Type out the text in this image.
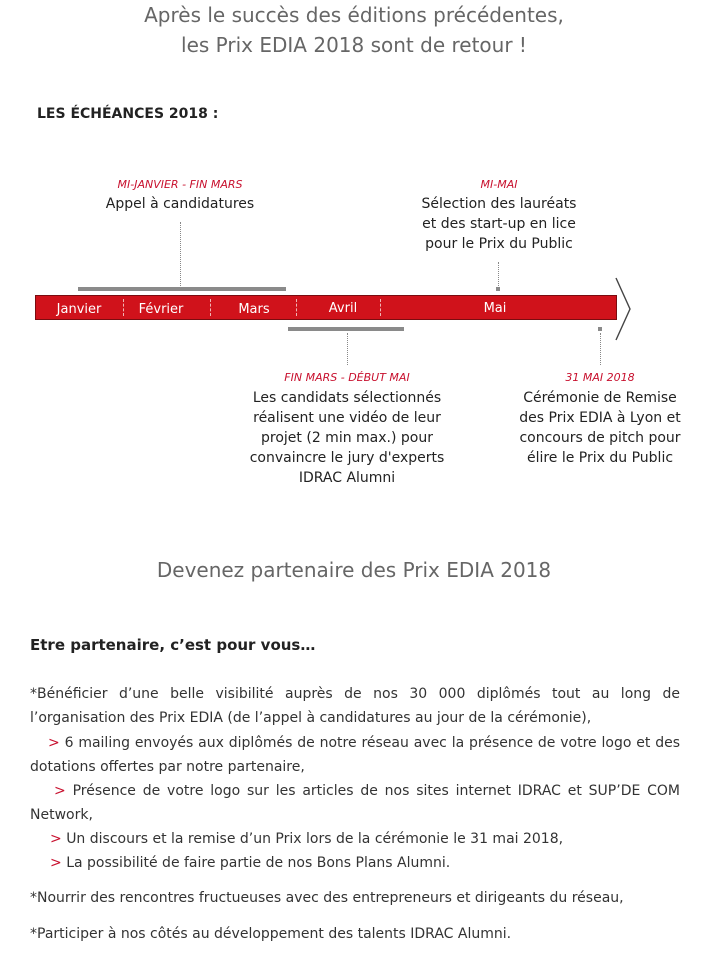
Après le succès des éditions précédentes,
les Prix EDIA 2018 sont de retour !
LES ÉCHÉANCES 2018 :
MI-JANVIER - FIN MARS
Appel à candidatures
MI-MAI
Sélection des lauréats
et des start-up en lice
pour le Prix du Public
Janvier	Février	Mars	Avril	Mai
FIN MARS - DÉBUT MAI
Les candidats sélectionnés
réalisent une vidéo de leur
projet (2 min max.) pour
convaincre le jury d'experts
IDRAC Alumni
31 MAI 2018
Cérémonie de Remise
des Prix EDIA à Lyon et
concours de pitch pour
élire le Prix du Public
Devenez partenaire des Prix EDIA 2018
Etre partenaire, c’est pour vous…
*Bénéficier d’une belle visibilité auprès de nos 30 000 diplômés tout au long de l’organisation des Prix EDIA (de l’appel à candidatures au jour de la cérémonie),
> 6 mailing envoyés aux diplômés de notre réseau avec la présence de votre logo et des dotations offertes par notre partenaire,
> Présence de votre logo sur les articles de nos sites internet IDRAC et SUP’DE COM Network,
> Un discours et la remise d’un Prix lors de la cérémonie le 31 mai 2018,
> La possibilité de faire partie de nos Bons Plans Alumni.
*Nourrir des rencontres fructueuses avec des entrepreneurs et dirigeants du réseau,
*Participer à nos côtés au développement des talents IDRAC Alumni.
